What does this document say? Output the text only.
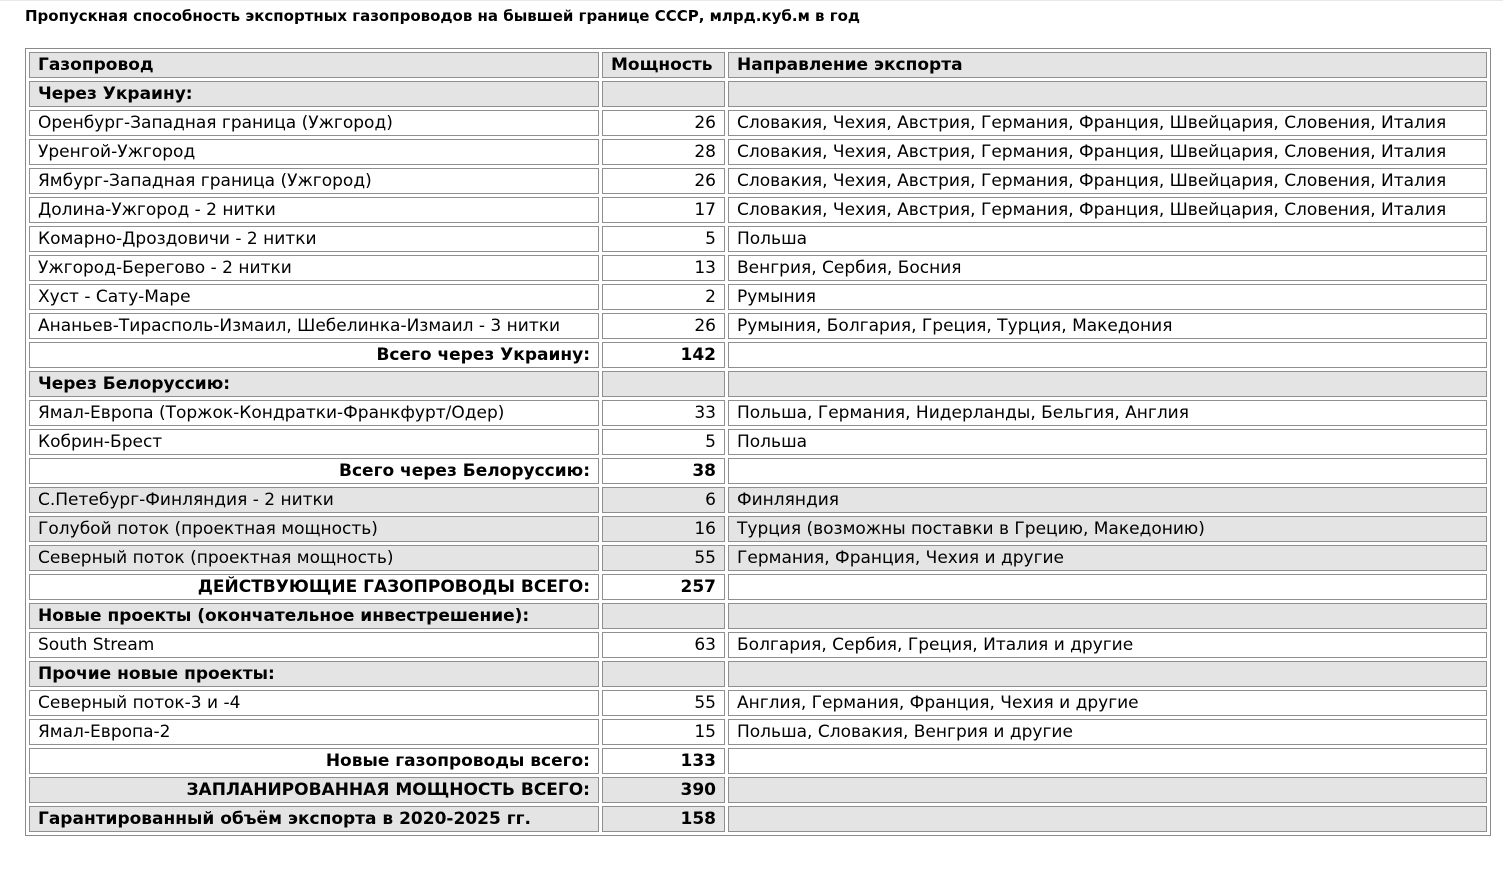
Пропускная способность экспортных газопроводов на бывшей границе СССР, млрд.куб.м в год
Газопровод	Мощность	Направление экспорта
Через Украину:		
Оренбург-Западная граница (Ужгород)	26	Словакия, Чехия, Австрия, Германия, Франция, Швейцария, Словения, Италия
Уренгой-Ужгород	28	Словакия, Чехия, Австрия, Германия, Франция, Швейцария, Словения, Италия
Ямбург-Западная граница (Ужгород)	26	Словакия, Чехия, Австрия, Германия, Франция, Швейцария, Словения, Италия
Долина-Ужгород - 2 нитки	17	Словакия, Чехия, Австрия, Германия, Франция, Швейцария, Словения, Италия
Комарно-Дроздовичи - 2 нитки	5	Польша
Ужгород-Берегово - 2 нитки	13	Венгрия, Сербия, Босния
Хуст - Сату-Маре	2	Румыния
Ананьев-Тирасполь-Измаил, Шебелинка-Измаил - 3 нитки	26	Румыния, Болгария, Греция, Турция, Македония
Всего через Украину:	142	
Через Белоруссию:		
Ямал-Европа (Торжок-Кондратки-Франкфурт/Одер)	33	Польша, Германия, Нидерланды, Бельгия, Англия
Кобрин-Брест	5	Польша
Всего через Белоруссию:	38	
С.Петебург-Финляндия - 2 нитки	6	Финляндия
Голубой поток (проектная мощность)	16	Турция (возможны поставки в Грецию, Македонию)
Северный поток (проектная мощность)	55	Германия, Франция, Чехия и другие
ДЕЙСТВУЮЩИЕ ГАЗОПРОВОДЫ ВСЕГО:	257	
Новые проекты (окончательное инвестрешение):		
South Stream	63	Болгария, Сербия, Греция, Италия и другие
Прочие новые проекты:		
Северный поток-3 и -4	55	Англия, Германия, Франция, Чехия и другие
Ямал-Европа-2	15	Польша, Словакия, Венгрия и другие
Новые газопроводы всего:	133	
ЗАПЛАНИРОВАННАЯ МОЩНОСТЬ ВСЕГО:	390	
Гарантированный объём экспорта в 2020-2025 гг.	158	
